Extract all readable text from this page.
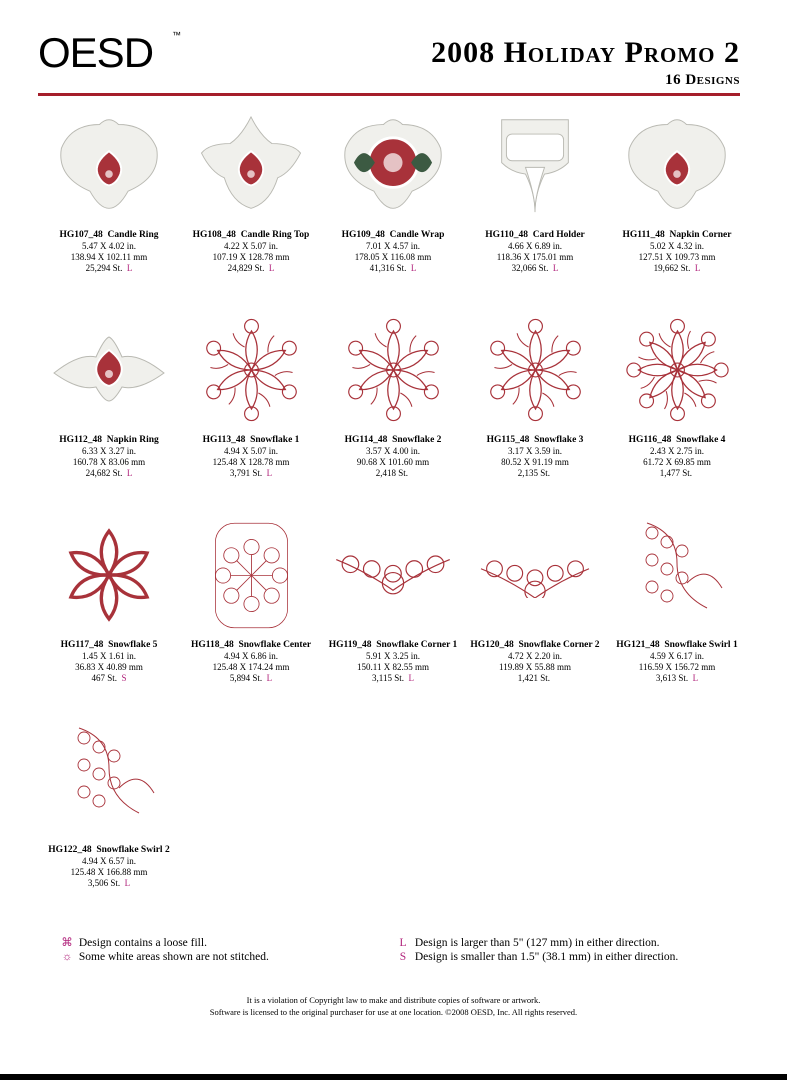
OESD ™
2008 Holiday Promo 2
16 Designs
HG107_48 Candle Ring
5.47 X 4.02 in.
138.94 X 102.11 mm
25,294 St. L
HG108_48 Candle Ring Top
4.22 X 5.07 in.
107.19 X 128.78 mm
24,829 St. L
HG109_48 Candle Wrap
7.01 X 4.57 in.
178.05 X 116.08 mm
41,316 St. L
HG110_48 Card Holder
4.66 X 6.89 in.
118.36 X 175.01 mm
32,066 St. L
HG111_48 Napkin Corner
5.02 X 4.32 in.
127.51 X 109.73 mm
19,662 St. L
HG112_48 Napkin Ring
6.33 X 3.27 in.
160.78 X 83.06 mm
24,682 St. L
HG113_48 Snowflake 1
4.94 X 5.07 in.
125.48 X 128.78 mm
3,791 St. L
HG114_48 Snowflake 2
3.57 X 4.00 in.
90.68 X 101.60 mm
2,418 St.
HG115_48 Snowflake 3
3.17 X 3.59 in.
80.52 X 91.19 mm
2,135 St.
HG116_48 Snowflake 4
2.43 X 2.75 in.
61.72 X 69.85 mm
1,477 St.
HG117_48 Snowflake 5
1.45 X 1.61 in.
36.83 X 40.89 mm
467 St. S
HG118_48 Snowflake Center
4.94 X 6.86 in.
125.48 X 174.24 mm
5,894 St. L
HG119_48 Snowflake Corner 1
5.91 X 3.25 in.
150.11 X 82.55 mm
3,115 St. L
HG120_48 Snowflake Corner 2
4.72 X 2.20 in.
119.89 X 55.88 mm
1,421 St.
HG121_48 Snowflake Swirl 1
4.59 X 6.17 in.
116.59 X 156.72 mm
3,613 St. L
HG122_48 Snowflake Swirl 2
4.94 X 6.57 in.
125.48 X 166.88 mm
3,506 St. L
⌘ Design contains a loose fill.
☼ Some white areas shown are not stitched.
L Design is larger than 5" (127 mm) in either direction.
S Design is smaller than 1.5" (38.1 mm) in either direction.
It is a violation of Copyright law to make and distribute copies of software or artwork.
Software is licensed to the original purchaser for use at one location. ©2008 OESD, Inc. All rights reserved.
